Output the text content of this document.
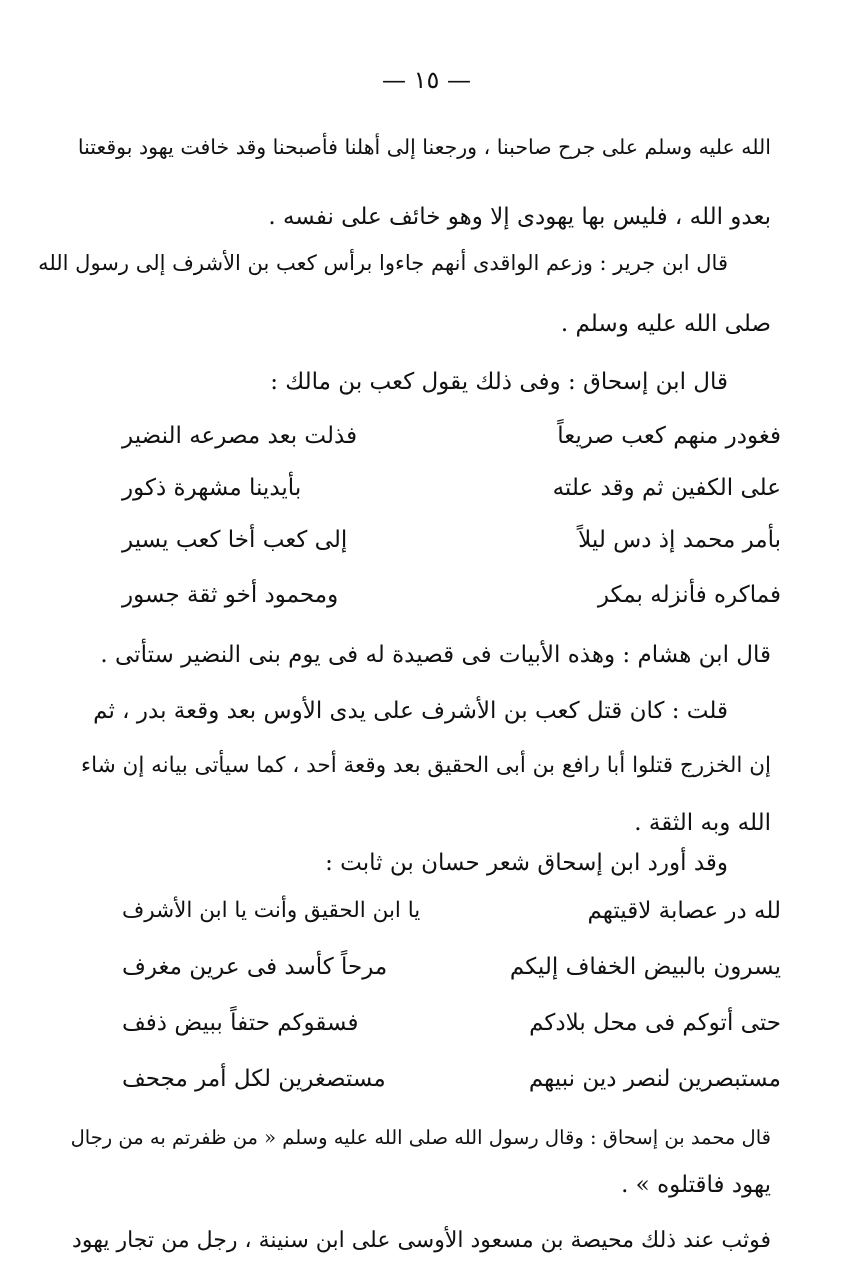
— ١٥ —
الله عليه وسلم على جرح صاحبنا ، ورجعنا إلى أهلنا فأصبحنا وقد خافت يهود بوقعتنا
بعدو الله ، فليس بها يهودى إلا وهو خائف على نفسه .
قال ابن جرير : وزعم الواقدى أنهم جاءوا برأس كعب بن الأشرف إلى رسول الله
صلى الله عليه وسلم .
قال ابن إسحاق : وفى ذلك يقول كعب بن مالك :
فغودر منهم كعب صريعاً
فذلت بعد مصرعه النضير
على الكفين ثم وقد علته
بأيدينا مشهرة ذكور
بأمر محمد إذ دس ليلاً
إلى كعب أخا كعب يسير
فماكره فأنزله بمكر
ومحمود أخو ثقة جسور
قال ابن هشام : وهذه الأبيات فى قصيدة له فى يوم بنى النضير ستأتى .
قلت : كان قتل كعب بن الأشرف على يدى الأوس بعد وقعة بدر ، ثم
إن الخزرج قتلوا أبا رافع بن أبى الحقيق بعد وقعة أحد ، كما سيأتى بيانه إن شاء
الله وبه الثقة .
وقد أورد ابن إسحاق شعر حسان بن ثابت :
لله در عصابة لاقيتهم
يا ابن الحقيق وأنت يا ابن الأشرف
يسرون بالبيض الخفاف إليكم
مرحاً كأسد فى عرين مغرف
حتى أتوكم فى محل بلادكم
فسقوكم حتفاً ببيض ذفف
مستبصرين لنصر دين نبيهم
مستصغرين لكل أمر مجحف
قال محمد بن إسحاق : وقال رسول الله صلى الله عليه وسلم « من ظفرتم به من رجال
يهود فاقتلوه » .
فوثب عند ذلك محيصة بن مسعود الأوسى على ابن سنينة ، رجل من تجار يهود
